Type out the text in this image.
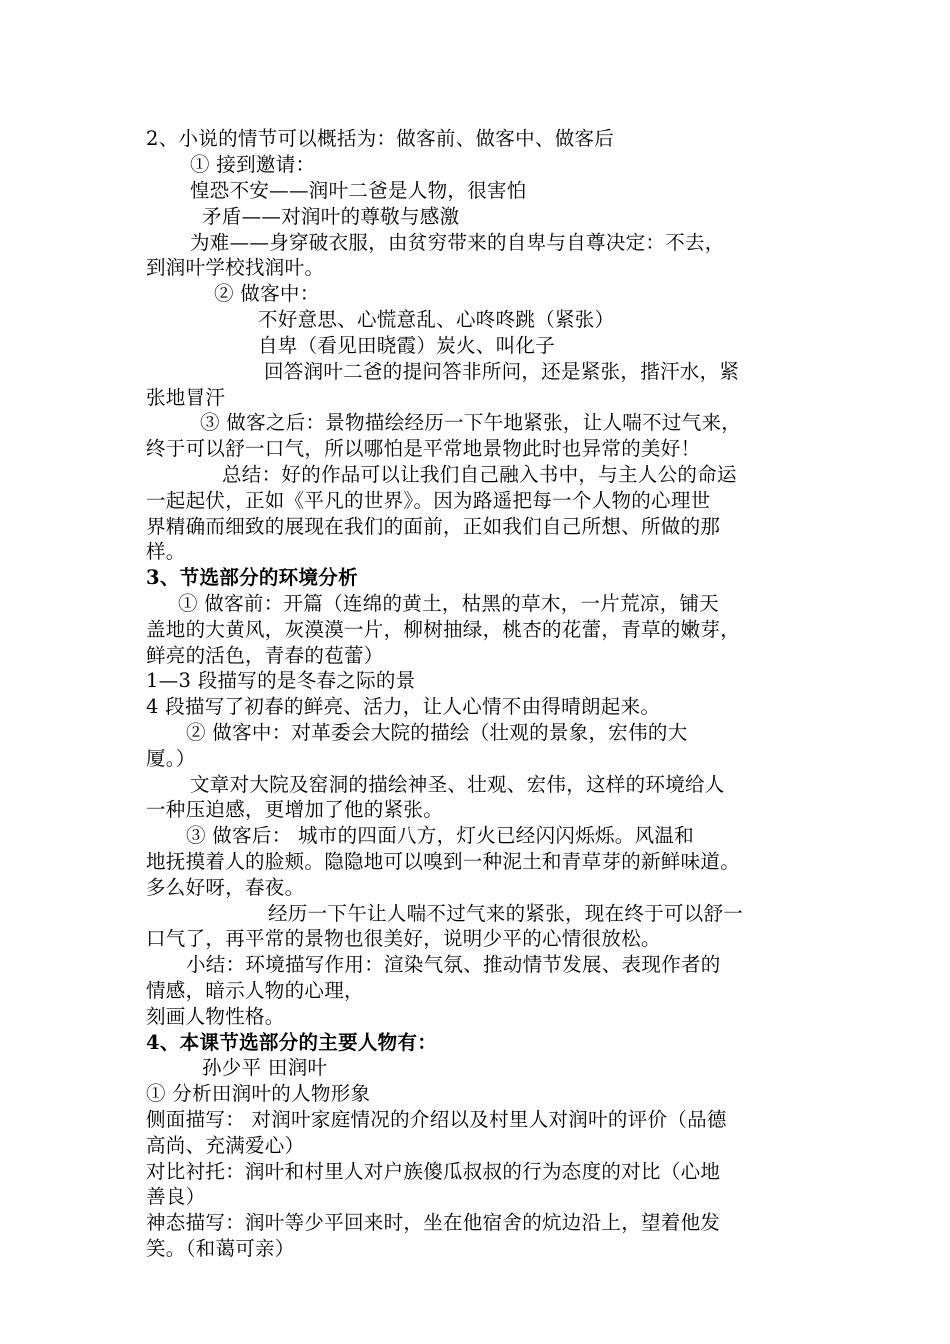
2、小说的情节可以概括为：做客前、做客中、做客后
① 接到邀请：
惶恐不安——润叶二爸是人物，很害怕
矛盾——对润叶的尊敬与感激
为难——身穿破衣服，由贫穷带来的自卑与自尊决定：不去，
到润叶学校找润叶。
② 做客中：
不好意思、心慌意乱、心咚咚跳（紧张）
自卑（看见田晓霞）炭火、叫化子
回答润叶二爸的提问答非所问，还是紧张，揩汗水，紧
张地冒汗
③ 做客之后：景物描绘经历一下午地紧张，让人喘不过气来，
终于可以舒一口气，所以哪怕是平常地景物此时也异常的美好！
总结：好的作品可以让我们自己融入书中，与主人公的命运
一起起伏，正如《平凡的世界》。因为路遥把每一个人物的心理世
界精确而细致的展现在我们的面前，正如我们自己所想、所做的那
样。
3、节选部分的环境分析
① 做客前：开篇（连绵的黄土，枯黑的草木，一片荒凉，铺天
盖地的大黄风，灰漠漠一片，柳树抽绿，桃杏的花蕾，青草的嫩芽，
鲜亮的活色，青春的苞蕾）
1—3 段描写的是冬春之际的景
4 段描写了初春的鲜亮、活力，让人心情不由得晴朗起来。
② 做客中：对革委会大院的描绘（壮观的景象，宏伟的大
厦。）
文章对大院及窑洞的描绘神圣、壮观、宏伟，这样的环境给人
一种压迫感，更增加了他的紧张。
③ 做客后： 城市的四面八方，灯火已经闪闪烁烁。风温和
地抚摸着人的脸颊。隐隐地可以嗅到一种泥土和青草芽的新鲜味道。
多么好呀，春夜。
经历一下午让人喘不过气来的紧张，现在终于可以舒一
口气了，再平常的景物也很美好，说明少平的心情很放松。
小结：环境描写作用：渲染气氛、推动情节发展、表现作者的
情感，暗示人物的心理，
刻画人物性格。
4、本课节选部分的主要人物有：
孙少平 田润叶
① 分析田润叶的人物形象
侧面描写： 对润叶家庭情况的介绍以及村里人对润叶的评价（品德
高尚、充满爱心）
对比衬托：润叶和村里人对户族傻瓜叔叔的行为态度的对比（心地
善良）
神态描写：润叶等少平回来时，坐在他宿舍的炕边沿上，望着他发
笑。（和蔼可亲）
